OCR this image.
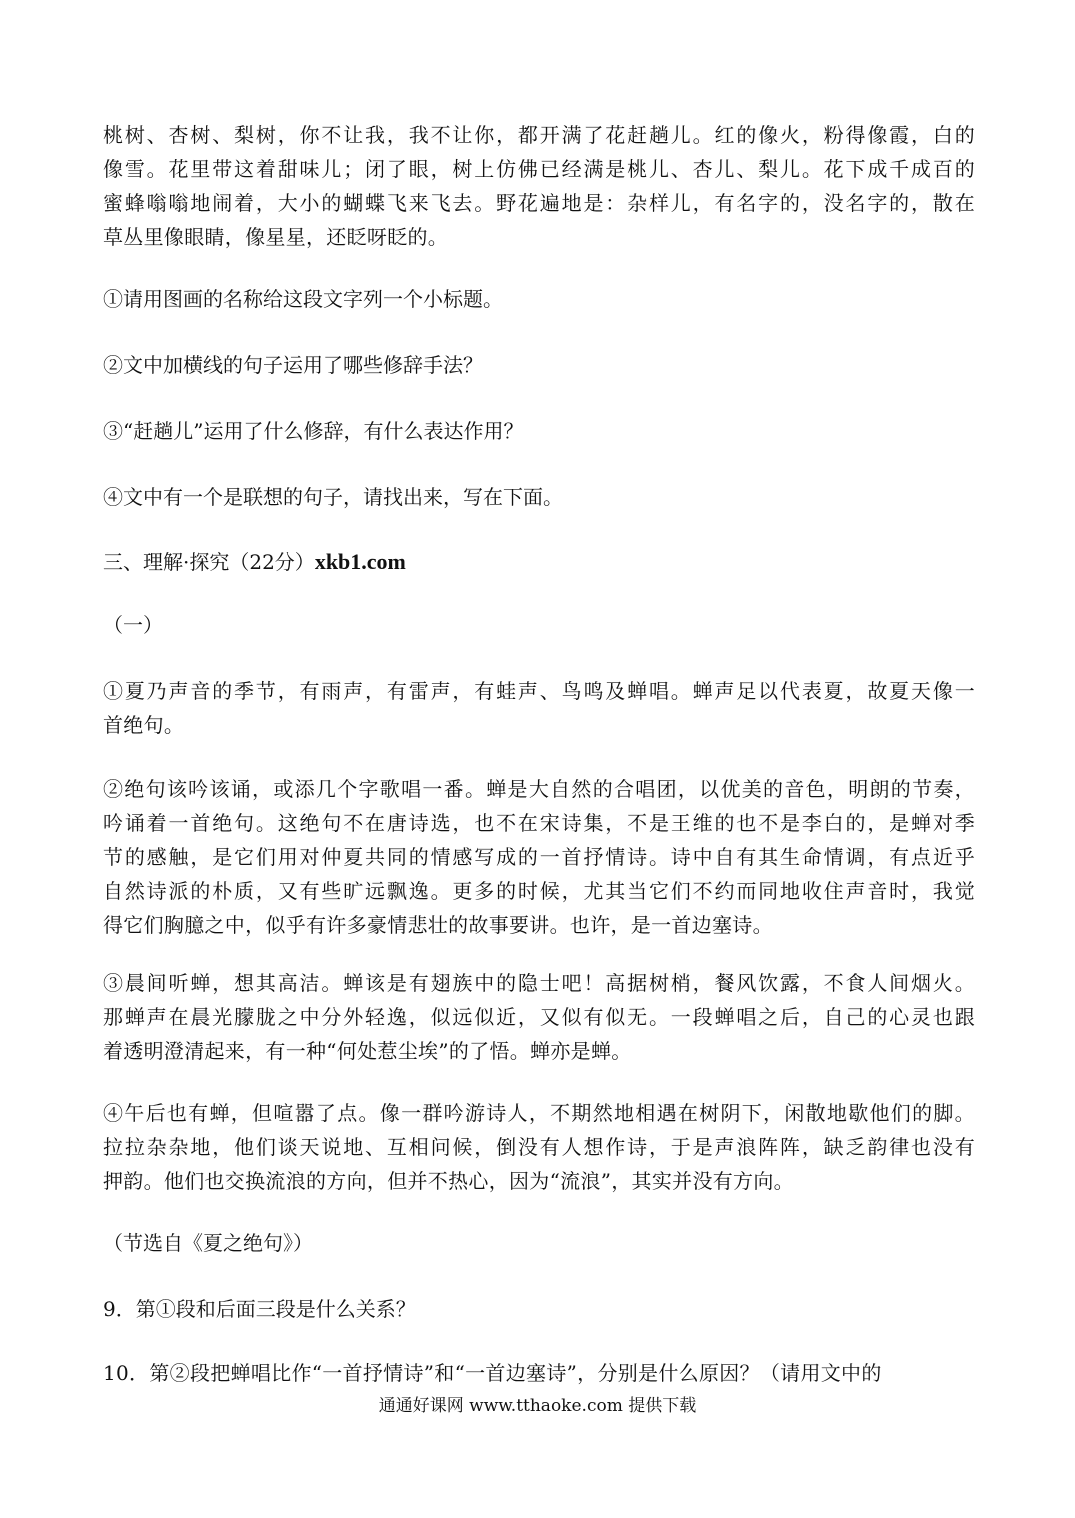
桃树、杏树、梨树，你不让我，我不让你，都开满了花赶趟儿。红的像火，粉得像霞，白的
像雪。花里带这着甜味儿；闭了眼，树上仿佛已经满是桃儿、杏儿、梨儿。花下成千成百的
蜜蜂嗡嗡地闹着，大小的蝴蝶飞来飞去。野花遍地是：杂样儿，有名字的，没名字的，散在
草丛里像眼睛，像星星，还眨呀眨的。

①请用图画的名称给这段文字列一个小标题。

②文中加横线的句子运用了哪些修辞手法？

③“赶趟儿”运用了什么修辞，有什么表达作用？

④文中有一个是联想的句子，请找出来，写在下面。

三、理解·探究（22分）xkb1.com

（一）

①夏乃声音的季节，有雨声，有雷声，有蛙声、鸟鸣及蝉唱。蝉声足以代表夏，故夏天像一
首绝句。
②绝句该吟该诵，或添几个字歌唱一番。蝉是大自然的合唱团，以优美的音色，明朗的节奏，
吟诵着一首绝句。这绝句不在唐诗选，也不在宋诗集，不是王维的也不是李白的，是蝉对季
节的感触，是它们用对仲夏共同的情感写成的一首抒情诗。诗中自有其生命情调，有点近乎
自然诗派的朴质，又有些旷远飘逸。更多的时候，尤其当它们不约而同地收住声音时，我觉
得它们胸臆之中，似乎有许多豪情悲壮的故事要讲。也许，是一首边塞诗。
③晨间听蝉，想其高洁。蝉该是有翅族中的隐士吧！高据树梢，餐风饮露，不食人间烟火。
那蝉声在晨光朦胧之中分外轻逸，似远似近，又似有似无。一段蝉唱之后，自己的心灵也跟
着透明澄清起来，有一种“何处惹尘埃”的了悟。蝉亦是蝉。
④午后也有蝉，但喧嚣了点。像一群吟游诗人，不期然地相遇在树阴下，闲散地歇他们的脚。
拉拉杂杂地，他们谈天说地、互相问候，倒没有人想作诗，于是声浪阵阵，缺乏韵律也没有
押韵。他们也交换流浪的方向，但并不热心，因为“流浪”，其实并没有方向。

（节选自《夏之绝句》）

9．第①段和后面三段是什么关系？

10．第②段把蝉唱比作“一首抒情诗”和“一首边塞诗”，分别是什么原因？（请用文中的
通通好课网 www.tthaoke.com 提供下载
